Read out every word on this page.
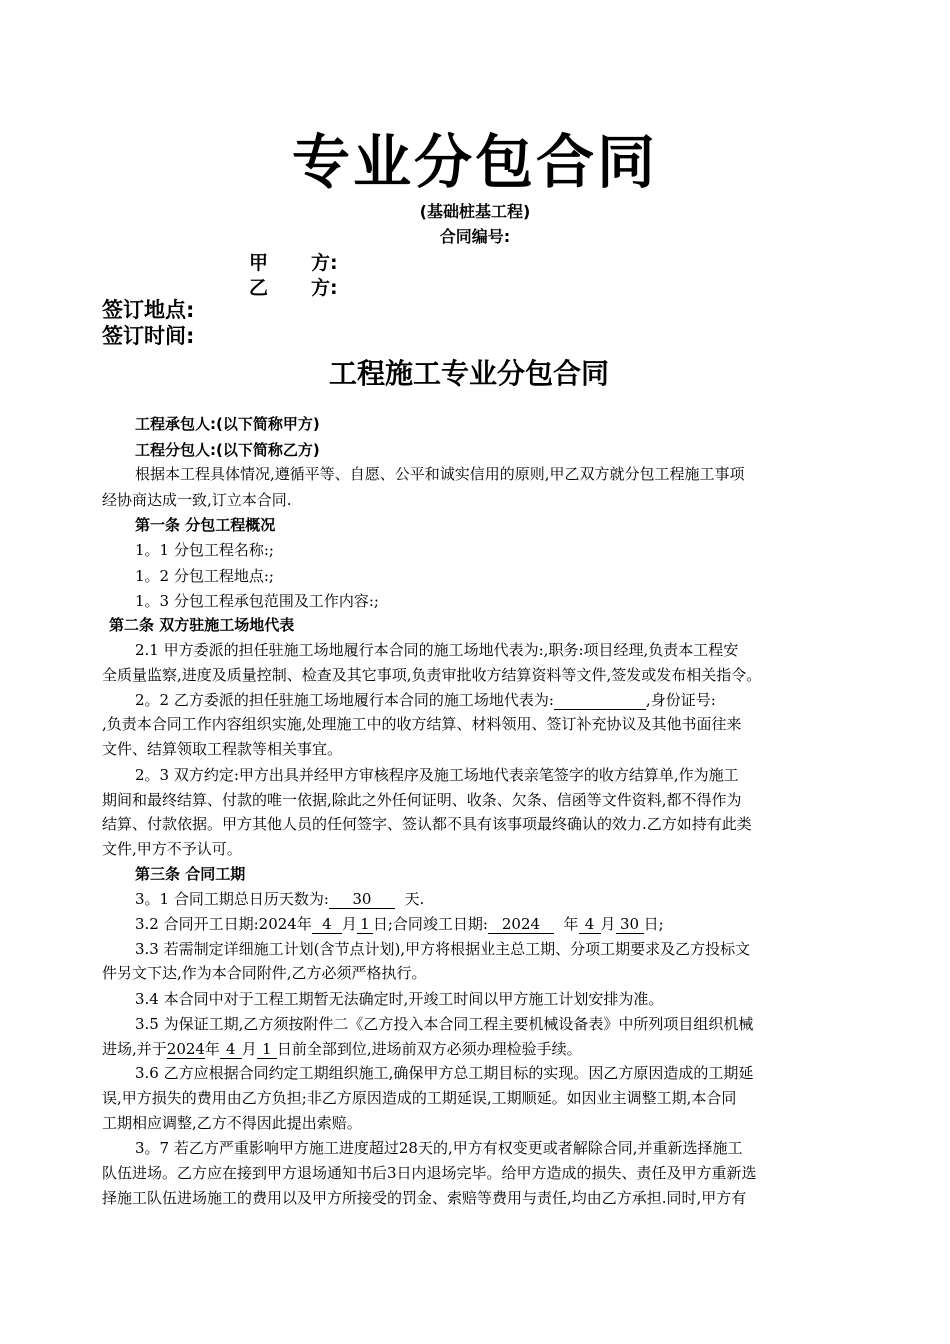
专业分包合同
(基础桩基工程)
合同编号:
甲 方:
乙 方:
签订地点:
签订时间:
工程施工专业分包合同
工程承包人:(以下简称甲方)
工程分包人:(以下简称乙方)
根据本工程具体情况,遵循平等、自愿、公平和诚实信用的原则,甲乙双方就分包工程施工事项
经协商达成一致,订立本合同.
第一条 分包工程概况
1。1 分包工程名称:;
1。2 分包工程地点:;
1。3 分包工程承包范围及工作内容:;
第二条 双方驻施工场地代表
2.1 甲方委派的担任驻施工场地履行本合同的施工场地代表为:,职务:项目经理,负责本工程安
全质量监察,进度及质量控制、检查及其它事项,负责审批收方结算资料等文件,签发或发布相关指令。
2。2 乙方委派的担任驻施工场地履行本合同的施工场地代表为:	,身份证号:
,负责本合同工作内容组织实施,处理施工中的收方结算、材料领用、签订补充协议及其他书面往来
文件、结算领取工程款等相关事宜。
2。3 双方约定:甲方出具并经甲方审核程序及施工场地代表亲笔签字的收方结算单,作为施工
期间和最终结算、付款的唯一依据,除此之外任何证明、收条、欠条、信函等文件资料,都不得作为
结算、付款依据。甲方其他人员的任何签字、签认都不具有该事项最终确认的效力.乙方如持有此类
文件,甲方不予认可。
第三条 合同工期
3。1 合同工期总日历天数为: 30 天.
3.2 合同开工日期:2024年 4 月 1 日;合同竣工日期: 2024 年 4 月 30 日;
3.3 若需制定详细施工计划(含节点计划),甲方将根据业主总工期、分项工期要求及乙方投标文
件另文下达,作为本合同附件,乙方必须严格执行。
3.4 本合同中对于工程工期暂无法确定时,开竣工时间以甲方施工计划安排为准。
3.5 为保证工期,乙方须按附件二《乙方投入本合同工程主要机械设备表》中所列项目组织机械
进场,并于2024年 4 月 1 日前全部到位,进场前双方必须办理检验手续。
3.6 乙方应根据合同约定工期组织施工,确保甲方总工期目标的实现。因乙方原因造成的工期延
误,甲方损失的费用由乙方负担;非乙方原因造成的工期延误,工期顺延。如因业主调整工期,本合同
工期相应调整,乙方不得因此提出索赔。
3。7 若乙方严重影响甲方施工进度超过28天的,甲方有权变更或者解除合同,并重新选择施工
队伍进场。乙方应在接到甲方退场通知书后3日内退场完毕。给甲方造成的损失、责任及甲方重新选
择施工队伍进场施工的费用以及甲方所接受的罚金、索赔等费用与责任,均由乙方承担.同时,甲方有
